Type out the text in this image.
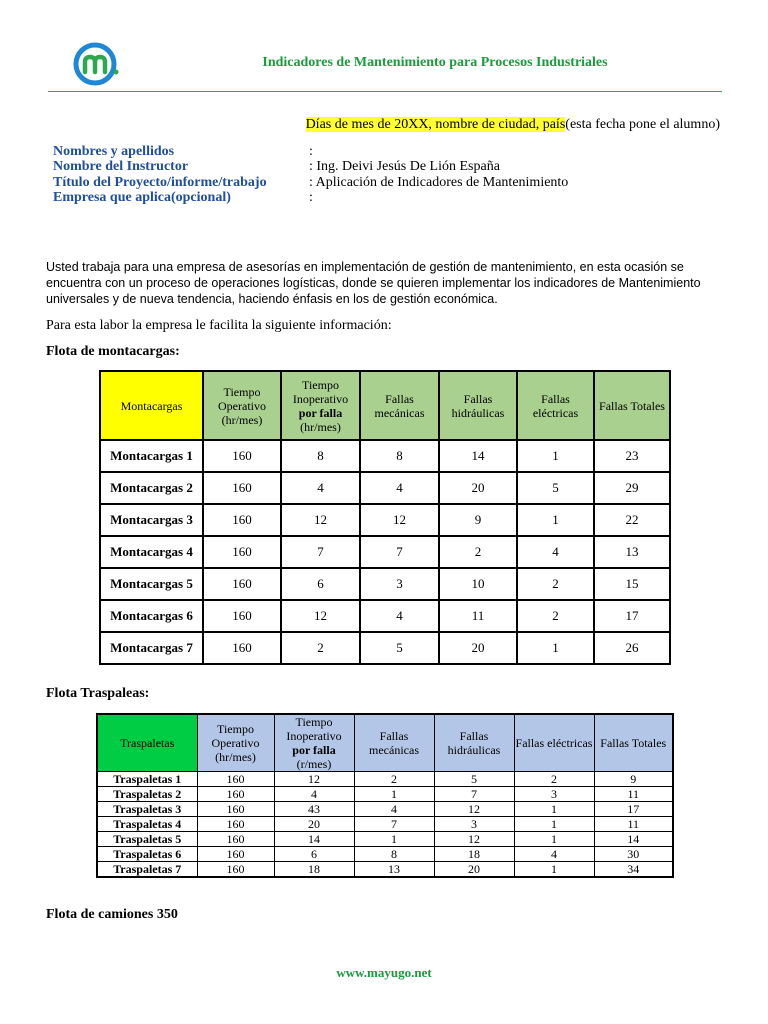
Indicadores de Mantenimiento para Procesos Industriales
Días de mes de 20XX, nombre de ciudad, país(esta fecha pone el alumno)
Nombres y apellidos	:
Nombre del Instructor	: Ing. Deivi Jesús De Lión España
Título del Proyecto/informe/trabajo	: Aplicación de Indicadores de Mantenimiento
Empresa que aplica(opcional)	:
Usted trabaja para una empresa de asesorías en implementación de gestión de mantenimiento, en esta ocasión se encuentra con un proceso de operaciones logísticas, donde se quieren implementar los indicadores de Mantenimiento universales y de nueva tendencia, haciendo énfasis en los de gestión económica.
Para esta labor la empresa le facilita la siguiente información:
Flota de montacargas:
Montacargas	Tiempo Operativo (hr/mes)	Tiempo Inoperativo
por falla
(hr/mes)	Fallas mecánicas	Fallas hidráulicas	Fallas eléctricas	Fallas Totales
Montacargas 1	160	8	8	14	1	23
Montacargas 2	160	4	4	20	5	29
Montacargas 3	160	12	12	9	1	22
Montacargas 4	160	7	7	2	4	13
Montacargas 5	160	6	3	10	2	15
Montacargas 6	160	12	4	11	2	17
Montacargas 7	160	2	5	20	1	26
Flota Traspaleas:
Traspaletas	Tiempo Operativo (hr/mes)	Tiempo Inoperativo
por falla
(r/mes)	Fallas mecánicas	Fallas hidráulicas	Fallas eléctricas	Fallas Totales
Traspaletas 1	160	12	2	5	2	9
Traspaletas 2	160	4	1	7	3	11
Traspaletas 3	160	43	4	12	1	17
Traspaletas 4	160	20	7	3	1	11
Traspaletas 5	160	14	1	12	1	14
Traspaletas 6	160	6	8	18	4	30
Traspaletas 7	160	18	13	20	1	34
Flota de camiones 350
www.mayugo.net
